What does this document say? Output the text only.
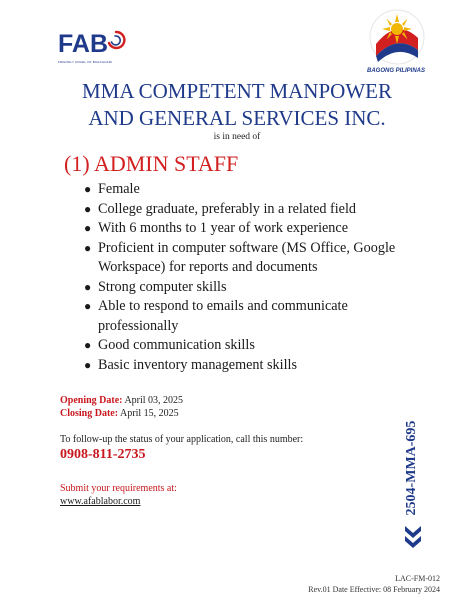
FAB
FRIENDLY ANGEL OF BAHAGHARI
BAGONG PILIPINAS
MMA COMPETENT MANPOWER
AND GENERAL SERVICES INC.
is in need of
(1) ADMIN STAFF
● Female
● College graduate, preferably in a related field
● With 6 months to 1 year of work experience
● Proficient in computer software (MS Office, Google Workspace) for reports and documents
● Strong computer skills
● Able to respond to emails and communicate professionally
● Good communication skills
● Basic inventory management skills
Opening Date: April 03, 2025
Closing Date: April 15, 2025
To follow-up the status of your application, call this number:
0908-811-2735
Submit your requirements at:
www.afablabor.com	2504-MMA-695
LAC-FM-012
Rev.01 Date Effective: 08 February 2024
